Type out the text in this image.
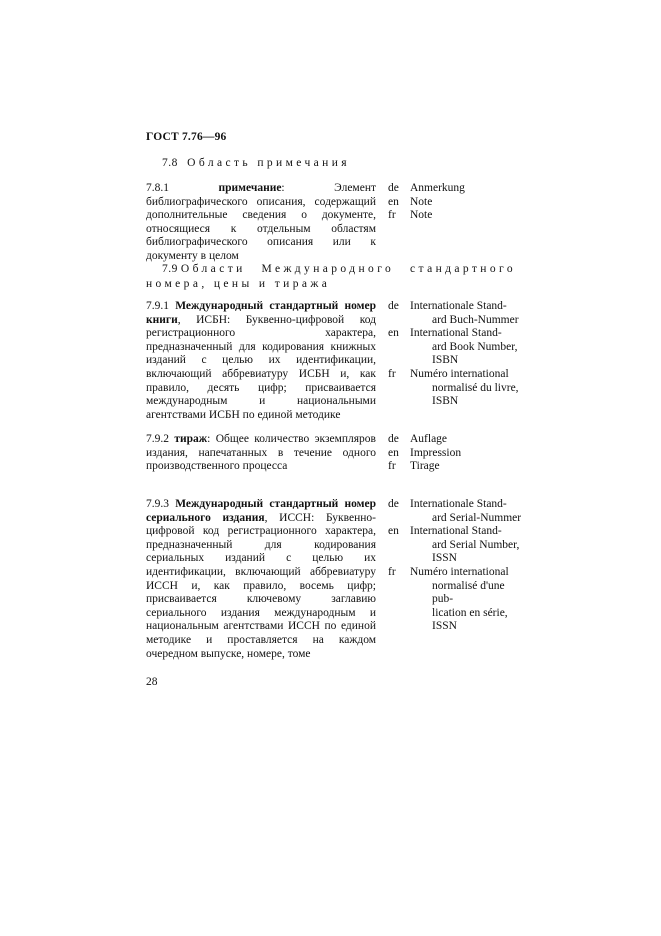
ГОСТ 7.76—96
7.8 Область примечания
7.8.1	примечание: Элемент библиографического описания, содержащий дополнительные сведения о документе, относящиеся к отдельным областям библиографического описания или к документу в целом
de Anmerkung
en Note
fr	Note
7.9 Области Международного стандартного
номера, цены и тиража
7.9.1 Международный стандартный номер книги, ИСБН: Буквенно-цифровой код регистрационного характера, предназначенный для кодирования книжных изданий с целью их идентификации, включающий аббревиатуру ИСБН и, как правило, десять цифр; присваивается международным и национальными агентствами ИСБН по единой методике
de Internationale Stand-
ard Buch-Nummer
en International Stand-
ard Book Number,
ISBN
fr	Numéro international
normalisé du livre,
ISBN
7.9.2 тираж: Общее количество экземпляров издания, напечатанных в течение одного производственного процесса
de Auflage
en Impression
fr	Tirage
7.9.3 Международный стандартный номер сериального издания, ИССН: Буквенно-цифровой код регистрационного характера, предназначенный для кодирования сериальных изданий с целью их идентификации, включающий аббревиатуру ИССН и, как правило, восемь цифр; присваивается ключевому заглавию сериального издания международным и национальным агентствами ИССН по единой методике и проставляется на каждом очередном выпуске, номере, томе
de Internationale Stand-
ard Serial-Nummer
en International Stand-
ard Serial Number,
ISSN
fr	Numéro international
normalisé d'une pub-
lication en série,
ISSN
28
